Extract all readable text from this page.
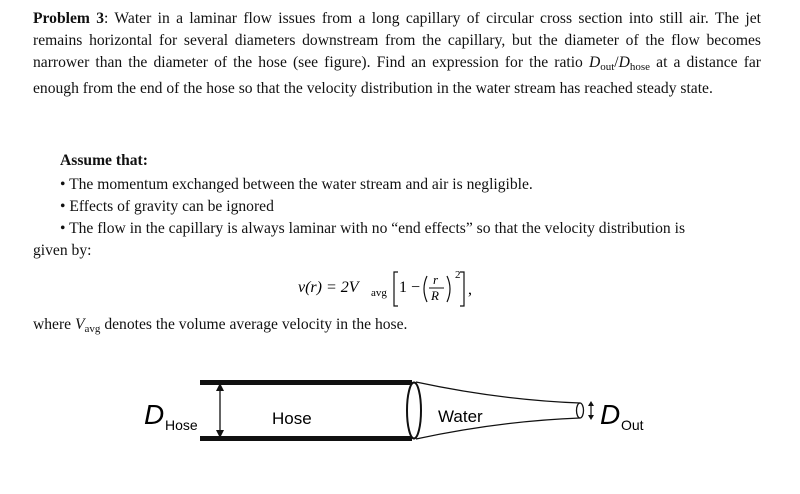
Problem 3: Water in a laminar flow issues from a long capillary of circular cross section into still air. The jet remains horizontal for several diameters downstream from the capillary, but the diameter of the flow becomes narrower than the diameter of the hose (see figure). Find an expression for the ratio $D_{out}/D_{hose}$ at a distance far enough from the end of the hose so that the velocity distribution in the water stream has reached steady state.
Assume that:
• The momentum exchanged between the water stream and air is negligible.
• Effects of gravity can be ignored
• The flow in the capillary is always laminar with no “end effects” so that the velocity distribution is
given by:
v(r) = 2V avg 1 − r
R
2
,
where $V_{avg}$ denotes the volume average velocity in the hose.
D Hose	Hose	Water	D Out
